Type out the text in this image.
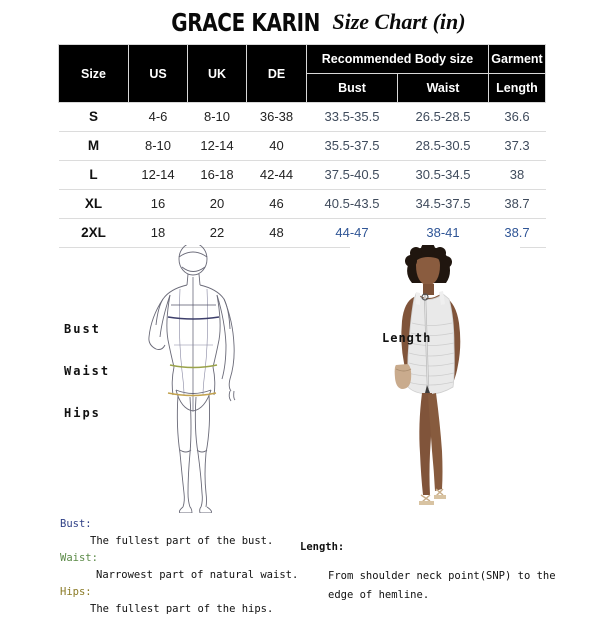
GRACE KARIN Size Chart (in)
Size	US	UK	DE	Recommended Body size		Garment
				Bust	Waist	Length
S	4-6	8-10	36-38	33.5-35.5	26.5-28.5	36.6
M	8-10	12-14	40	35.5-37.5	28.5-30.5	37.3
L	12-14	16-18	42-44	37.5-40.5	30.5-34.5	38
XL	16	20	46	40.5-43.5	34.5-37.5	38.7
2XL	18	22	48	44-47	38-41	38.7
Bust
Waist
Hips
Length
Bust:
The fullest part of the bust.
Waist:
Narrowest part of natural waist.
Hips:
The fullest part of the hips.
Length:
From shoulder neck point(SNP) to the
edge of hemline.
